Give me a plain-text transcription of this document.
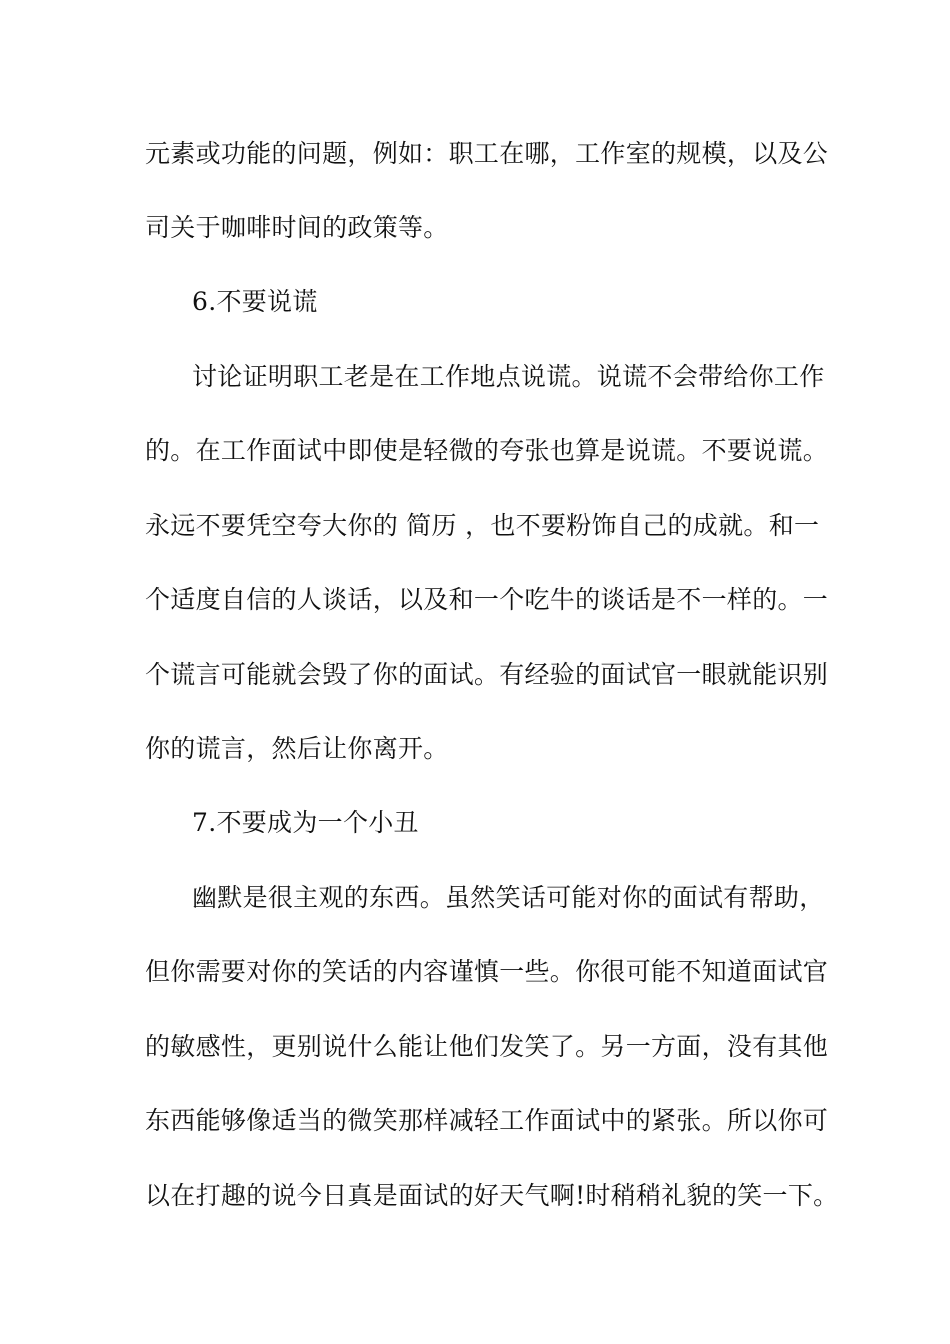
元素或功能的问题，例如：职工在哪，工作室的规模，以及公
司关于咖啡时间的政策等。
6.不要说谎
讨论证明职工老是在工作地点说谎。说谎不会带给你工作
的。在工作面试中即使是轻微的夸张也算是说谎。不要说谎。
永远不要凭空夸大你的 简历 ，也不要粉饰自己的成就。和一
个适度自信的人谈话，以及和一个吃牛的谈话是不一样的。一
个谎言可能就会毁了你的面试。有经验的面试官一眼就能识别
你的谎言，然后让你离开。
7.不要成为一个小丑
幽默是很主观的东西。虽然笑话可能对你的面试有帮助，
但你需要对你的笑话的内容谨慎一些。你很可能不知道面试官
的敏感性，更别说什么能让他们发笑了。另一方面，没有其他
东西能够像适当的微笑那样减轻工作面试中的紧张。所以你可
以在打趣的说今日真是面试的好天气啊!时稍稍礼貌的笑一下。
